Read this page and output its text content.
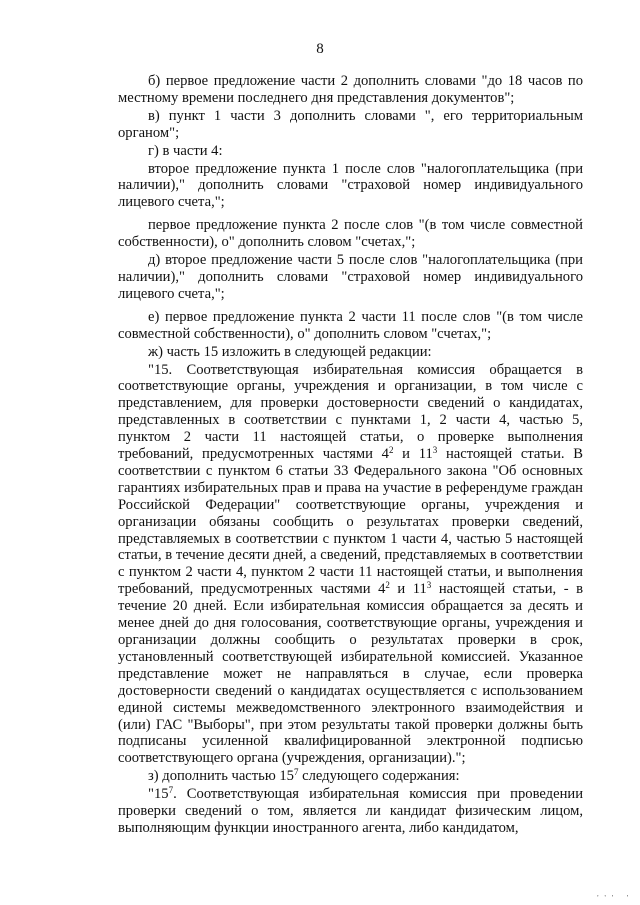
8

б) первое предложение части 2 дополнить словами "до 18 часов по местному времени последнего дня представления документов";

в) пункт 1 части 3 дополнить словами ", его территориальным органом";

г) в части 4:

второе предложение пункта 1 после слов "налогоплательщика (при наличии)," дополнить словами "страховой номер индивидуального лицевого счета,";

первое предложение пункта 2 после слов "(в том числе совместной собственности), о" дополнить словом "счетах,";

д) второе предложение части 5 после слов "налогоплательщика (при наличии)," дополнить словами "страховой номер индивидуального лицевого счета,";

е) первое предложение пункта 2 части 11 после слов "(в том числе совместной собственности), о" дополнить словом "счетах,";

ж) часть 15 изложить в следующей редакции:

"15. Соответствующая избирательная комиссия обращается в соответствующие органы, учреждения и организации, в том числе с представлением, для проверки достоверности сведений о кандидатах, представленных в соответствии с пунктами 1, 2 части 4, частью 5, пунктом 2 части 11 настоящей статьи, о проверке выполнения требований, предусмотренных частями $4^2$ и $11^3$ настоящей статьи. В соответствии с пунктом 6 статьи 33 Федерального закона "Об основных гарантиях избирательных прав и права на участие в референдуме граждан Российской Федерации" соответствующие органы, учреждения и организации обязаны сообщить о результатах проверки сведений, представляемых в соответствии с пунктом 1 части 4, частью 5 настоящей статьи, в течение десяти дней, а сведений, представляемых в соответствии с пунктом 2 части 4, пунктом 2 части 11 настоящей статьи, и выполнения требований, предусмотренных частями $4^2$ и $11^3$ настоящей статьи, - в течение 20 дней. Если избирательная комиссия обращается за десять и менее дней до дня голосования, соответствующие органы, учреждения и организации должны сообщить о результатах проверки в срок, установленный соответствующей избирательной комиссией. Указанное представление может не направляться в случае, если проверка достоверности сведений о кандидатах осуществляется с использованием единой системы межведомственного электронного взаимодействия и (или) ГАС "Выборы", при этом результаты такой проверки должны быть подписаны усиленной квалифицированной электронной подписью соответствующего органа (учреждения, организации).";

з) дополнить частью $15^7$ следующего содержания:

"$15^7$. Соответствующая избирательная комиссия при проведении проверки сведений о том, является ли кандидат физическим лицом, выполняющим функции иностранного агента, либо кандидатом,

''' '
